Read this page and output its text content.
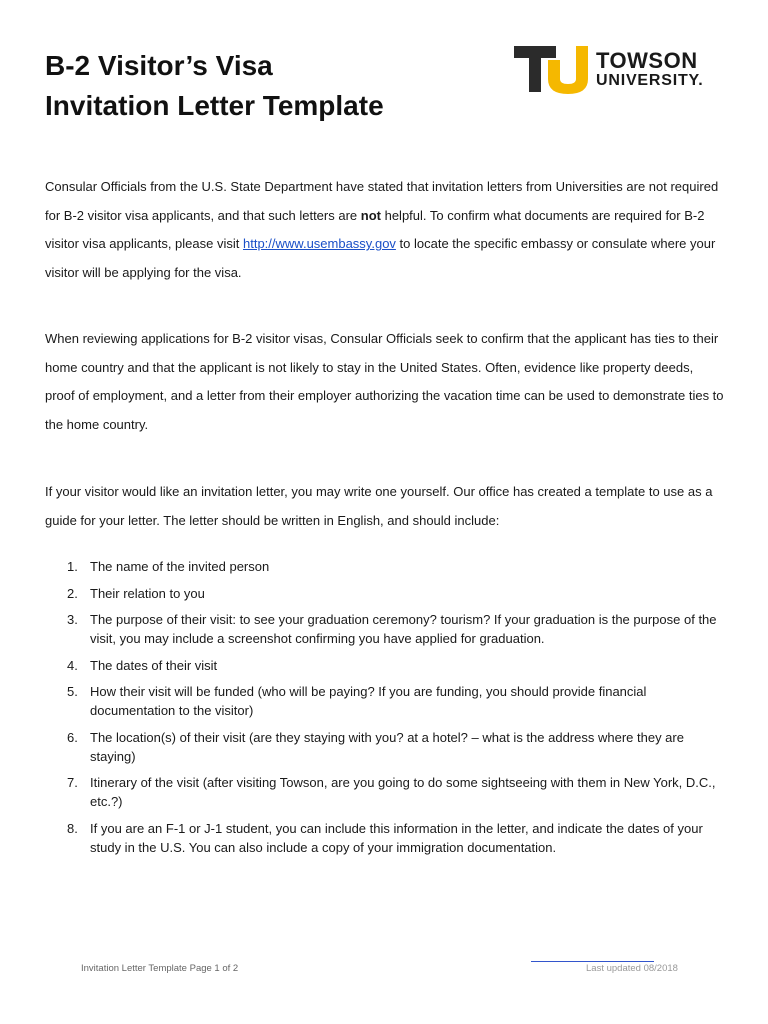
B-2 Visitor’s Visa
Invitation Letter Template
TOWSON
UNIVERSITY.

Consular Officials from the U.S. State Department have stated that invitation letters from Universities are not required for B-2 visitor visa applicants, and that such letters are not helpful. To confirm what documents are required for B-2 visitor visa applicants, please visit http://www.usembassy.gov to locate the specific embassy or consulate where your visitor will be applying for the visa.

When reviewing applications for B-2 visitor visas, Consular Officials seek to confirm that the applicant has ties to their home country and that the applicant is not likely to stay in the United States. Often, evidence like property deeds, proof of employment, and a letter from their employer authorizing the vacation time can be used to demonstrate ties to the home country.

If your visitor would like an invitation letter, you may write one yourself. Our office has created a template to use as a guide for your letter. The letter should be written in English, and should include:

1. The name of the invited person
2. Their relation to you
3. The purpose of their visit: to see your graduation ceremony? tourism? If your graduation is the purpose of the visit, you may include a screenshot confirming you have applied for graduation.
4. The dates of their visit
5. How their visit will be funded (who will be paying? If you are funding, you should provide financial documentation to the visitor)
6. The location(s) of their visit (are they staying with you? at a hotel? – what is the address where they are staying)
7. Itinerary of the visit (after visiting Towson, are you going to do some sightseeing with them in New York, D.C., etc.?)
8. If you are an F-1 or J-1 student, you can include this information in the letter, and indicate the dates of your study in the U.S. You can also include a copy of your immigration documentation.
Invitation Letter Template Page 1 of 2	Last updated 08/2018
